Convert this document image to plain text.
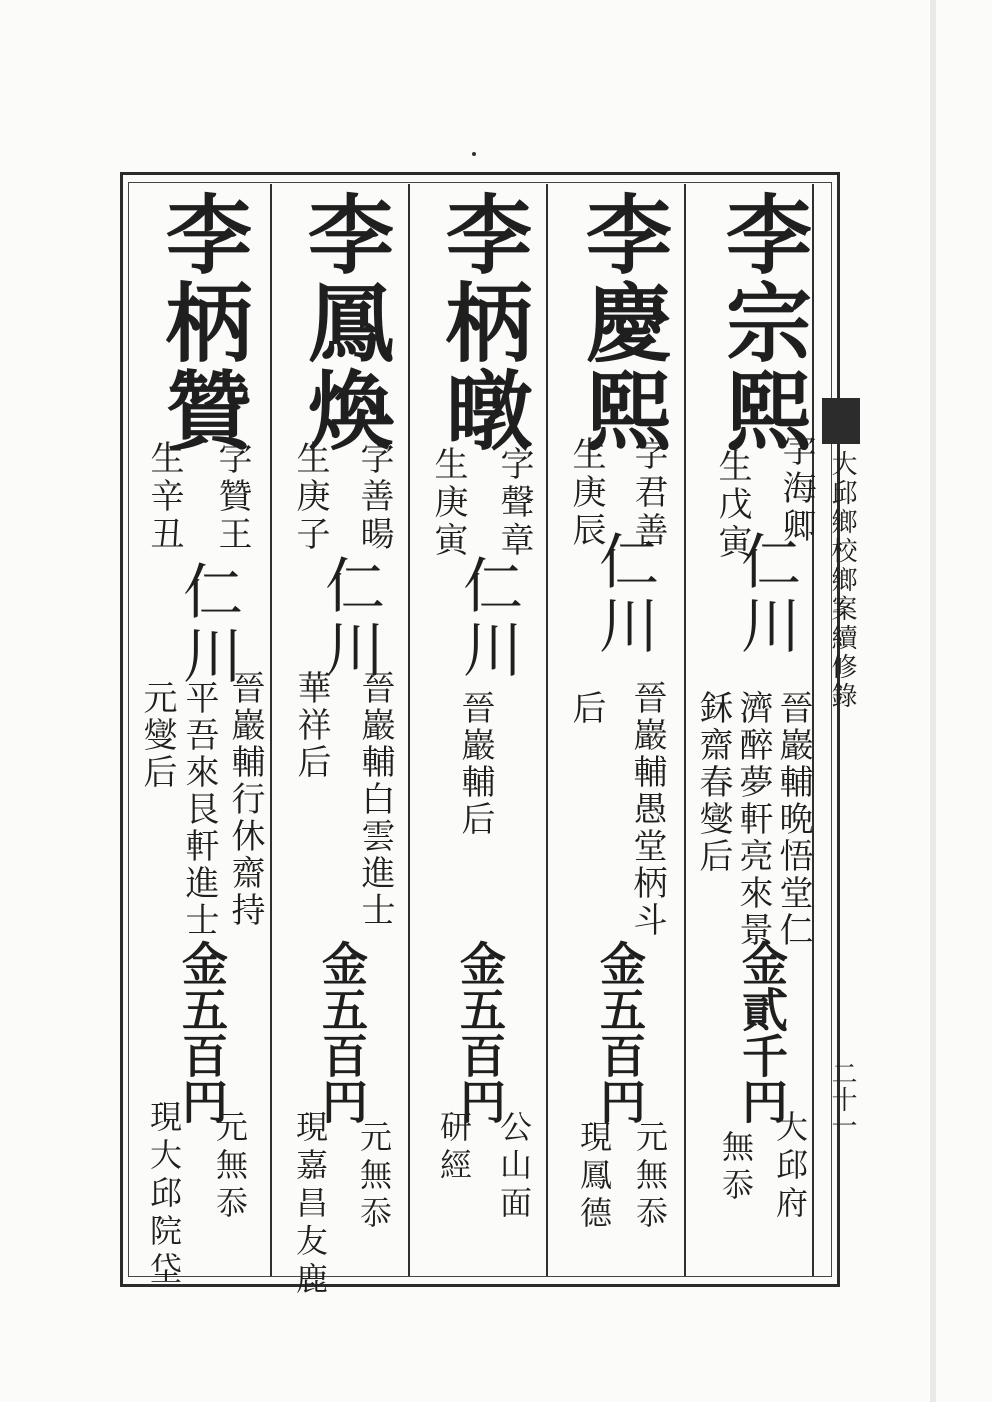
大邱鄉校鄉案續修錄
二十一
李宗熙
字海卿
生戊寅
仁川
晉巖輔晩悟堂仁
濟醉夢軒亮來景
鉌齋春燮后
金貳千円
大邱府
無忝
李慶熙
字君善
生庚辰
仁川
后 晉巖輔愚堂柄斗
金五百円
元無忝
現鳳德
李柄暾
字聲章
生庚寅
仁川
晉巖輔后
金五百円
公山面
研經
李鳳煥
字善暘
生庚子
仁川
晉巖輔白雲進士
華祥后
金五百円
元無忝
現嘉昌友鹿
李柄贊
字贊王
生辛丑
仁川
晉巖輔行休齋持
平吾來艮軒進士
元燮后
金五百円
元無忝
現大邱院垈
